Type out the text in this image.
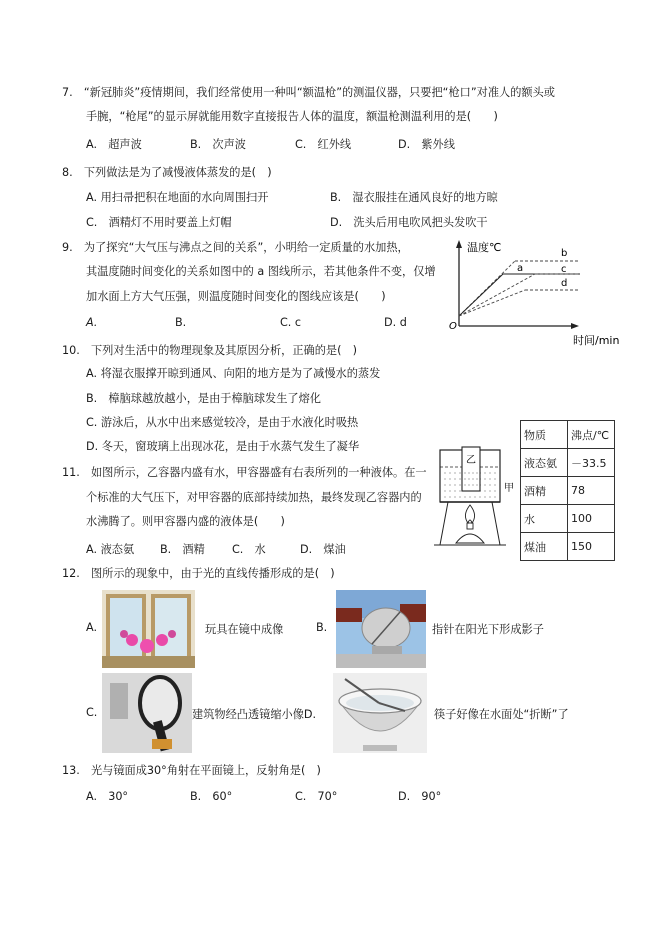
7.　“新冠肺炎”疫情期间，我们经常使用一种叫“额温枪”的测温仪器，只要把“枪口”对准人的额头或
手腕，“枪尾”的显示屏就能用数字直接报告人体的温度，额温枪测温利用的是(　　)
A.　超声波	B.　次声波	C.　红外线	D.　紫外线
8.　下列做法是为了减慢液体蒸发的是(　)
A. 用扫帚把积在地面的水向周围扫开	B.　湿衣服挂在通风良好的地方晾
C.　酒精灯不用时要盖上灯帽	D.　洗头后用电吹风把头发吹干
9.　为了探究“大气压与沸点之间的关系”，小明给一定质量的水加热，
其温度随时间变化的关系如图中的 a 图线所示，若其他条件不变，仅增
加水面上方大气压强，则温度随时间变化的图线应该是(　　)
A.	B.	C. c	D. d
温度℃
时间/min
O
b
a	c
d
10.　下列对生活中的物理现象及其原因分析，正确的是(　)
A. 将湿衣服撑开晾到通风、向阳的地方是为了减慢水的蒸发
B.　樟脑球越放越小，是由于樟脑球发生了熔化
C. 游泳后，从水中出来感觉较冷，是由于水液化时吸热
D. 冬天，窗玻璃上出现冰花，是由于水蒸气发生了凝华
11.　如图所示，乙容器内盛有水，甲容器盛有右表所列的一种液体。在一
个标准的大气压下，对甲容器的底部持续加热，最终发现乙容器内的
水沸腾了。则甲容器内盛的液体是(　　)
A. 液态氨 B.　酒精 C.　水	D.　煤油
乙
甲
物质	沸点/℃
液态氨	－33.5
酒精	78
水	100
煤油	150
12.　图所示的现象中，由于光的直线传播形成的是(　)
A.	玩具在镜中成像	B.	指针在阳光下形成影子
C.	建筑物经凸透镜缩小像D.	筷子好像在水面处“折断”了
13.　光与镜面成30°角射在平面镜上，反射角是(　)
A.　30°	B.　60°	C.　70°	D.　90°
